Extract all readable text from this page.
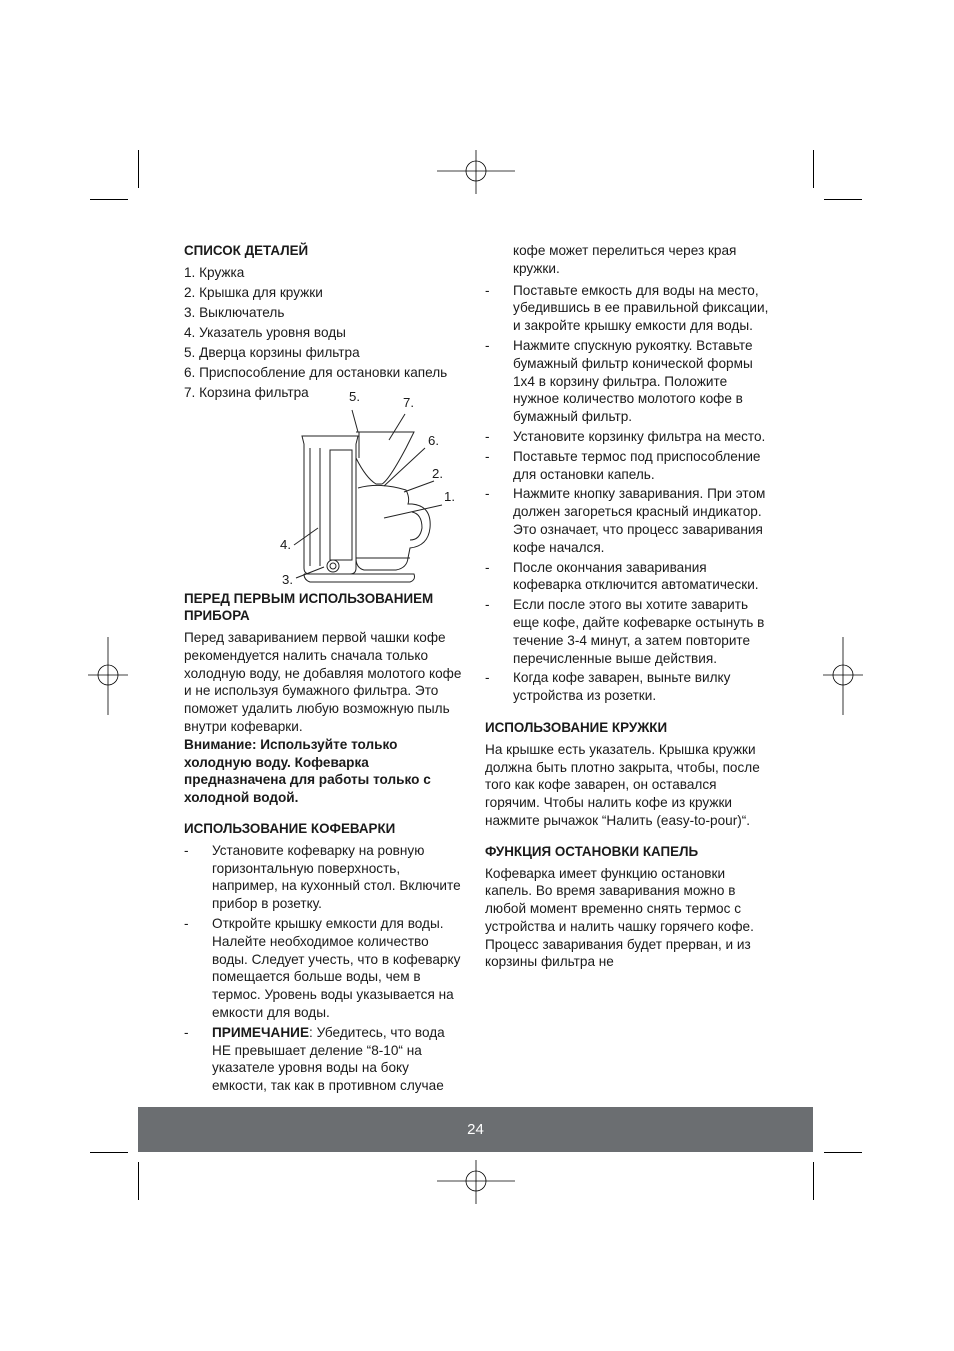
СПИСОК ДЕТАЛЕЙ
1. Кружка
2. Крышка для кружки
3. Выключатель
4. Указатель уровня воды
5. Дверца корзины фильтра
6. Приспособление для остановки капель
7. Корзина фильтра	5.	7.
6.
2.
1.
4.
3.
ПЕРЕД ПЕРВЫМ ИСПОЛЬЗОВАНИЕМ ПРИБОРА

Перед завариванием первой чашки кофе рекомендуется налить сначала только холодную воду, не добавляя молотого кофе и не используя бумажного фильтра. Это поможет удалить любую возможную пыль внутри кофеварки.

Внимание: Используйте только холодную воду. Кофеварка предназначена для работы только с холодной водой.

ИСПОЛЬЗОВАНИЕ КОФЕВАРКИ
- Установите кофеварку на ровную горизонтальную поверхность, например, на кухонный стол. Включите прибор в розетку.
- Откройте крышку емкости для воды. Налейте необходимое количество воды. Следует учесть, что в кофеварку помещается больше воды, чем в термос. Уровень воды указывается на емкости для воды.
- ПРИМЕЧАНИЕ: Убедитесь, что вода НЕ превышает деление “8-10“ на указателе уровня воды на боку емкости, так как в противном случае
кофе может перелиться через края кружки.
- Поставьте емкость для воды на место, убедившись в ее правильной фиксации, и закройте крышку емкости для воды.
- Нажмите спускную рукоятку. Вставьте бумажный фильтр конической формы 1х4 в корзину фильтра. Положите нужное количество молотого кофе в бумажный фильтр.
- Установите корзинку фильтра на место.
- Поставьте термос под приспособление для остановки капель.
- Нажмите кнопку заваривания. При этом должен загореться красный индикатор. Это означает, что процесс заваривания кофе начался.
- После окончания заваривания кофеварка отключится автоматически.
- Если после этого вы хотите заварить еще кофе, дайте кофеварке остынуть в течение 3-4 минут, а затем повторите перечисленные выше действия.
- Когда кофе заварен, выньте вилку устройства из розетки.
ИСПОЛЬЗОВАНИЕ КРУЖКИ

На крышке есть указатель. Крышка кружки должна быть плотно закрыта, чтобы, после того как кофе заварен, он оставался горячим. Чтобы налить кофе из кружки нажмите рычажок “Налить (easy-to-pour)“.

ФУНКЦИЯ ОСТАНОВКИ КАПЕЛЬ

Кофеварка имеет функцию остановки капель. Во время заваривания можно в любой момент временно снять термос с устройства и налить чашку горячего кофе. Процесс заваривания будет прерван, и из корзины фильтра не

24
